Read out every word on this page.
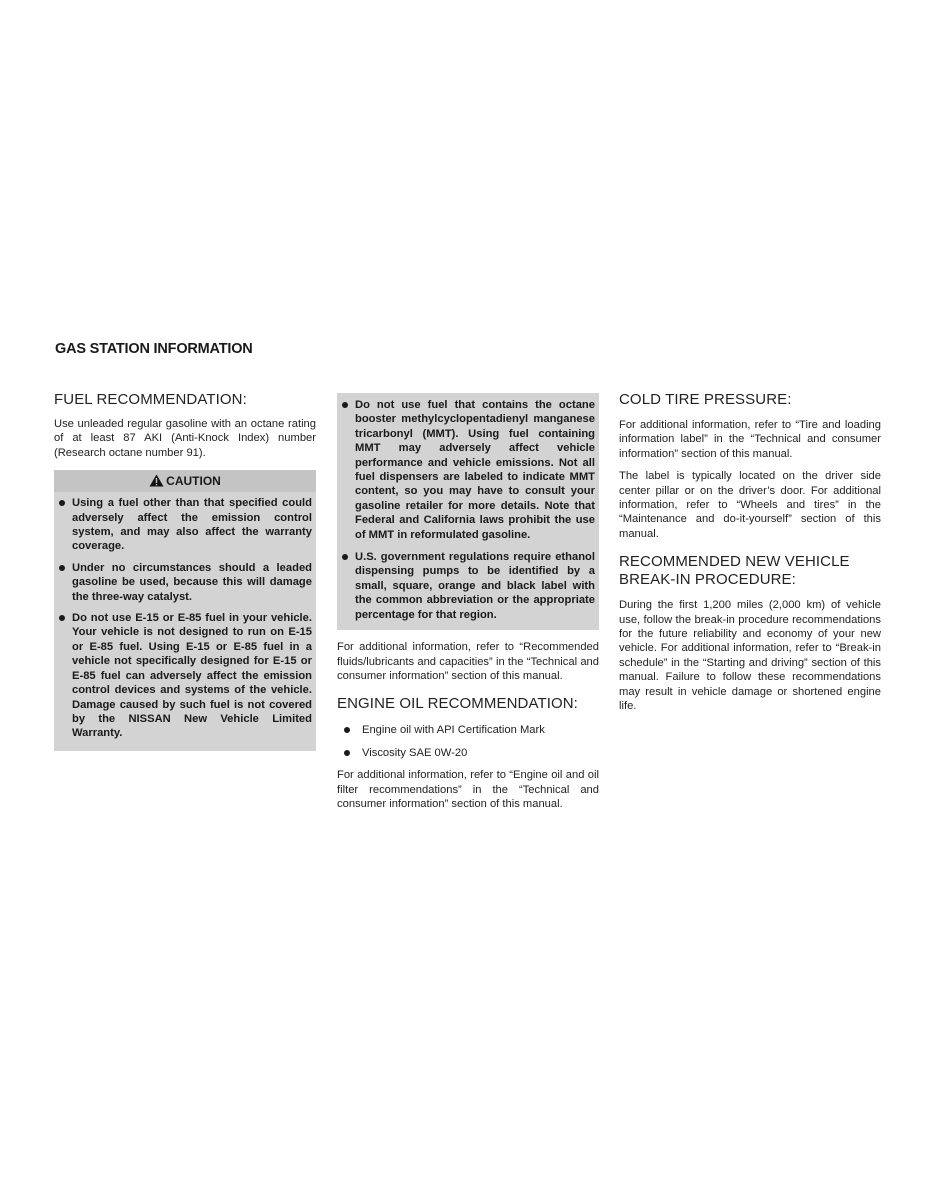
GAS STATION INFORMATION
FUEL RECOMMENDATION:

Use unleaded regular gasoline with an octane rating of at least 87 AKI (Anti-Knock Index) number (Research octane number 91).

CAUTION
Using a fuel other than that specified could adversely affect the emission control system, and may also affect the warranty coverage.
Under no circumstances should a leaded gasoline be used, because this will damage the three-way catalyst.
Do not use E-15 or E-85 fuel in your vehicle. Your vehicle is not designed to run on E-15 or E-85 fuel. Using E-15 or E-85 fuel in a vehicle not specifically designed for E-15 or E-85 fuel can adversely affect the emission control devices and systems of the vehicle. Damage caused by such fuel is not covered by the NISSAN New Vehicle Limited Warranty.
Do not use fuel that contains the octane booster methylcyclopentadienyl manganese tricarbonyl (MMT). Using fuel containing MMT may adversely affect vehicle performance and vehicle emissions. Not all fuel dispensers are labeled to indicate MMT content, so you may have to consult your gasoline retailer for more details. Note that Federal and California laws prohibit the use of MMT in reformulated gasoline.
U.S. government regulations require ethanol dispensing pumps to be identified by a small, square, orange and black label with the common abbreviation or the appropriate percentage for that region.

For additional information, refer to “Recommended fluids/lubricants and capacities” in the “Technical and consumer information” section of this manual.

ENGINE OIL RECOMMENDATION:
Engine oil with API Certification Mark
Viscosity SAE 0W-20

For additional information, refer to “Engine oil and oil filter recommendations” in the “Technical and consumer information” section of this manual.

COLD TIRE PRESSURE:

For additional information, refer to “Tire and loading information label” in the “Technical and consumer information” section of this manual.

The label is typically located on the driver side center pillar or on the driver’s door. For additional information, refer to “Wheels and tires” in the “Maintenance and do-it-yourself” section of this manual.

RECOMMENDED NEW VEHICLE
BREAK-IN PROCEDURE:

During the first 1,200 miles (2,000 km) of vehicle use, follow the break-in procedure recommendations for the future reliability and economy of your new vehicle. For additional information, refer to “Break-in schedule” in the “Starting and driving” section of this manual. Failure to follow these recommendations may result in vehicle damage or shortened engine life.
